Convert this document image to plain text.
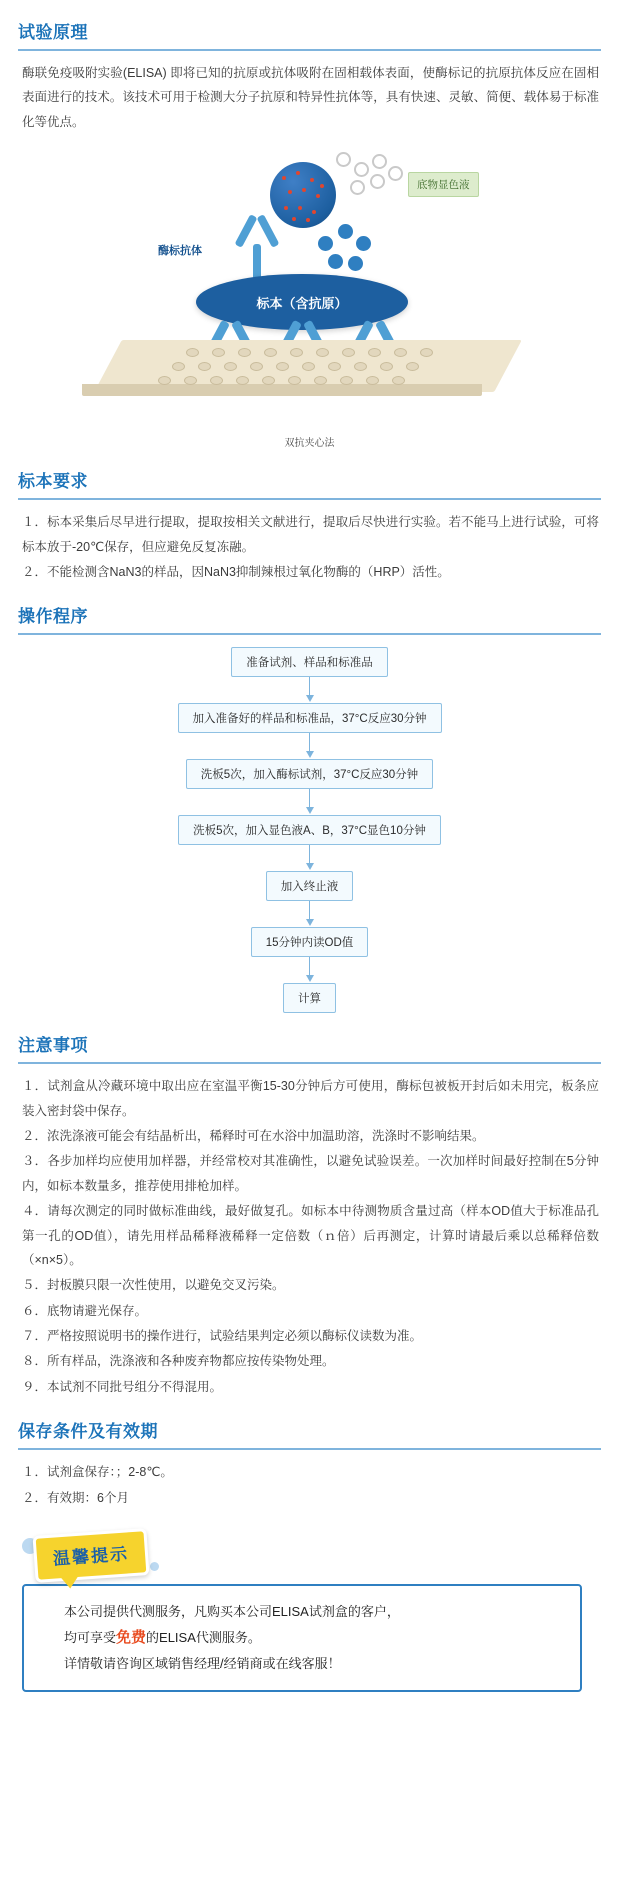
试验原理
酶联免疫吸附实验(ELISA) 即将已知的抗原或抗体吸附在固相载体表面，使酶标记的抗原抗体反应在固相表面进行的技术。该技术可用于检测大分子抗原和特异性抗体等，具有快速、灵敏、简便、载体易于标准化等优点。
底物显色液
酶标抗体
标本（含抗原）
双抗夹心法
标本要求
１．标本采集后尽早进行提取，提取按相关文献进行，提取后尽快进行实验。若不能马上进行试验，可将标本放于-20℃保存，但应避免反复冻融。
２．不能检测含NaN3的样品，因NaN3抑制辣根过氧化物酶的（HRP）活性。
操作程序
准备试剂、样品和标准品
加入准备好的样品和标准品，37°C反应30分钟
洗板5次，加入酶标试剂，37°C反应30分钟
洗板5次，加入显色液A、B，37°C显色10分钟
加入终止液
15分钟内读OD值
计算
注意事项
１．试剂盒从冷藏环境中取出应在室温平衡15-30分钟后方可使用，酶标包被板开封后如未用完，板条应装入密封袋中保存。
２．浓洗涤液可能会有结晶析出，稀释时可在水浴中加温助溶，洗涤时不影响结果。
３．各步加样均应使用加样器，并经常校对其准确性，以避免试验误差。一次加样时间最好控制在5分钟内，如标本数量多，推荐使用排枪加样。
４．请每次测定的同时做标准曲线，最好做复孔。如标本中待测物质含量过高（样本OD值大于标准品孔第一孔的OD值），请先用样品稀释液稀释一定倍数（ｎ倍）后再测定，计算时请最后乘以总稀释倍数（×n×5）。
５．封板膜只限一次性使用，以避免交叉污染。
６．底物请避光保存。
７．严格按照说明书的操作进行，试验结果判定必须以酶标仪读数为准。
８．所有样品，洗涤液和各种废弃物都应按传染物处理。
９．本试剂不同批号组分不得混用。
保存条件及有效期
１．试剂盒保存：；2-8℃。
２．有效期：6个月
温馨提示
本公司提供代测服务，凡购买本公司ELISA试剂盒的客户，
均可享受免费的ELISA代测服务。
详情敬请咨询区域销售经理/经销商或在线客服！
